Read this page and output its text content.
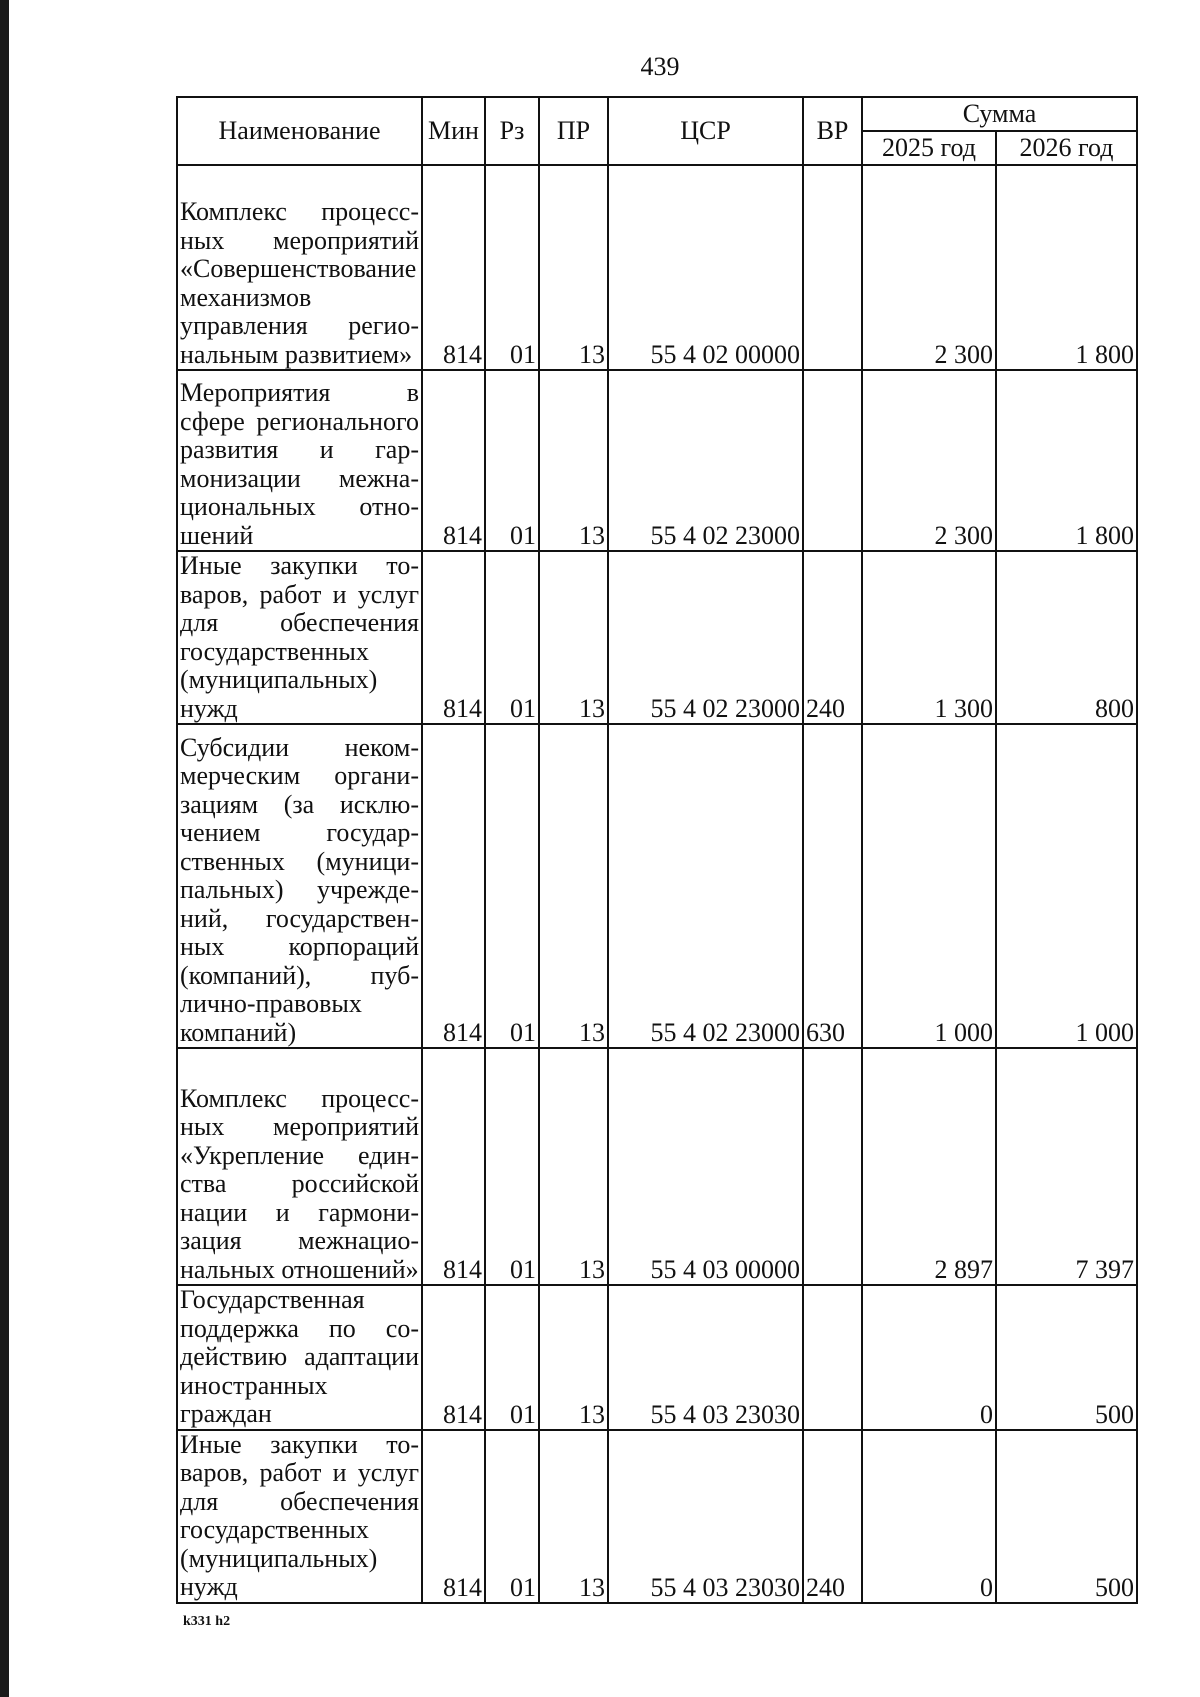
439
Наименование	Мин	Рз	ПР	ЦСР	ВР	Сумма	
						2025 год	2026 год
Комплекс процессных мероприятий «Совершенствование механизмов управления региональным развитием»	814	01	13	55 4 02 00000		2 300	1 800
Мероприятия в сфере регионального развития и гармонизации межнациональных отношений	814	01	13	55 4 02 23000		2 300	1 800
Иные закупки товаров, работ и услуг для обеспечения государственных (муниципальных) нужд	814	01	13	55 4 02 23000	240	1 300	800
Субсидии некоммерческим организациям (за исключением государственных (муниципальных) учреждений, государственных корпораций (компаний), публично-правовых компаний)	814	01	13	55 4 02 23000	630	1 000	1 000
Комплекс процессных мероприятий «Укрепление единства российской нации и гармонизация межнациональных отношений»	814	01	13	55 4 03 00000		2 897	7 397
Государственная поддержка по содействию адаптации иностранных граждан	814	01	13	55 4 03 23030		0	500
Иные закупки товаров, работ и услуг для обеспечения государственных (муниципальных) нужд	814	01	13	55 4 03 23030	240	0	500
k331 h2
